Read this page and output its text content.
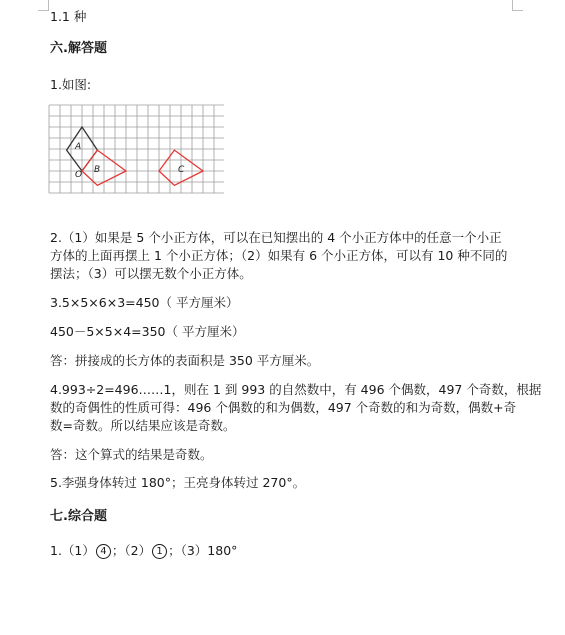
1.1 种
六.解答题
1.如图:
A
B	C
O
2.（1）如果是 5 个小正方体，可以在已知摆出的 4 个小正方体中的任意一个小正
方体的上面再摆上 1 个小正方体；（2）如果有 6 个小正方体，可以有 10 种不同的
摆法；（3）可以摆无数个小正方体。
3.5×5×6×3=450（ 平方厘米）
450－5×5×4=350（ 平方厘米）
答：拼接成的长方体的表面积是 350 平方厘米。
4.993÷2=496……1，则在 1 到 993 的自然数中，有 496 个偶数，497 个奇数，根据
数的奇偶性的性质可得：496 个偶数的和为偶数，497 个奇数的和为奇数，偶数+奇
数=奇数。所以结果应该是奇数。
答：这个算式的结果是奇数。
5.李强身体转过 180°；王亮身体转过 270°。
七.综合题
1.（1） 4 ；（2） 1 ；（3）180°
